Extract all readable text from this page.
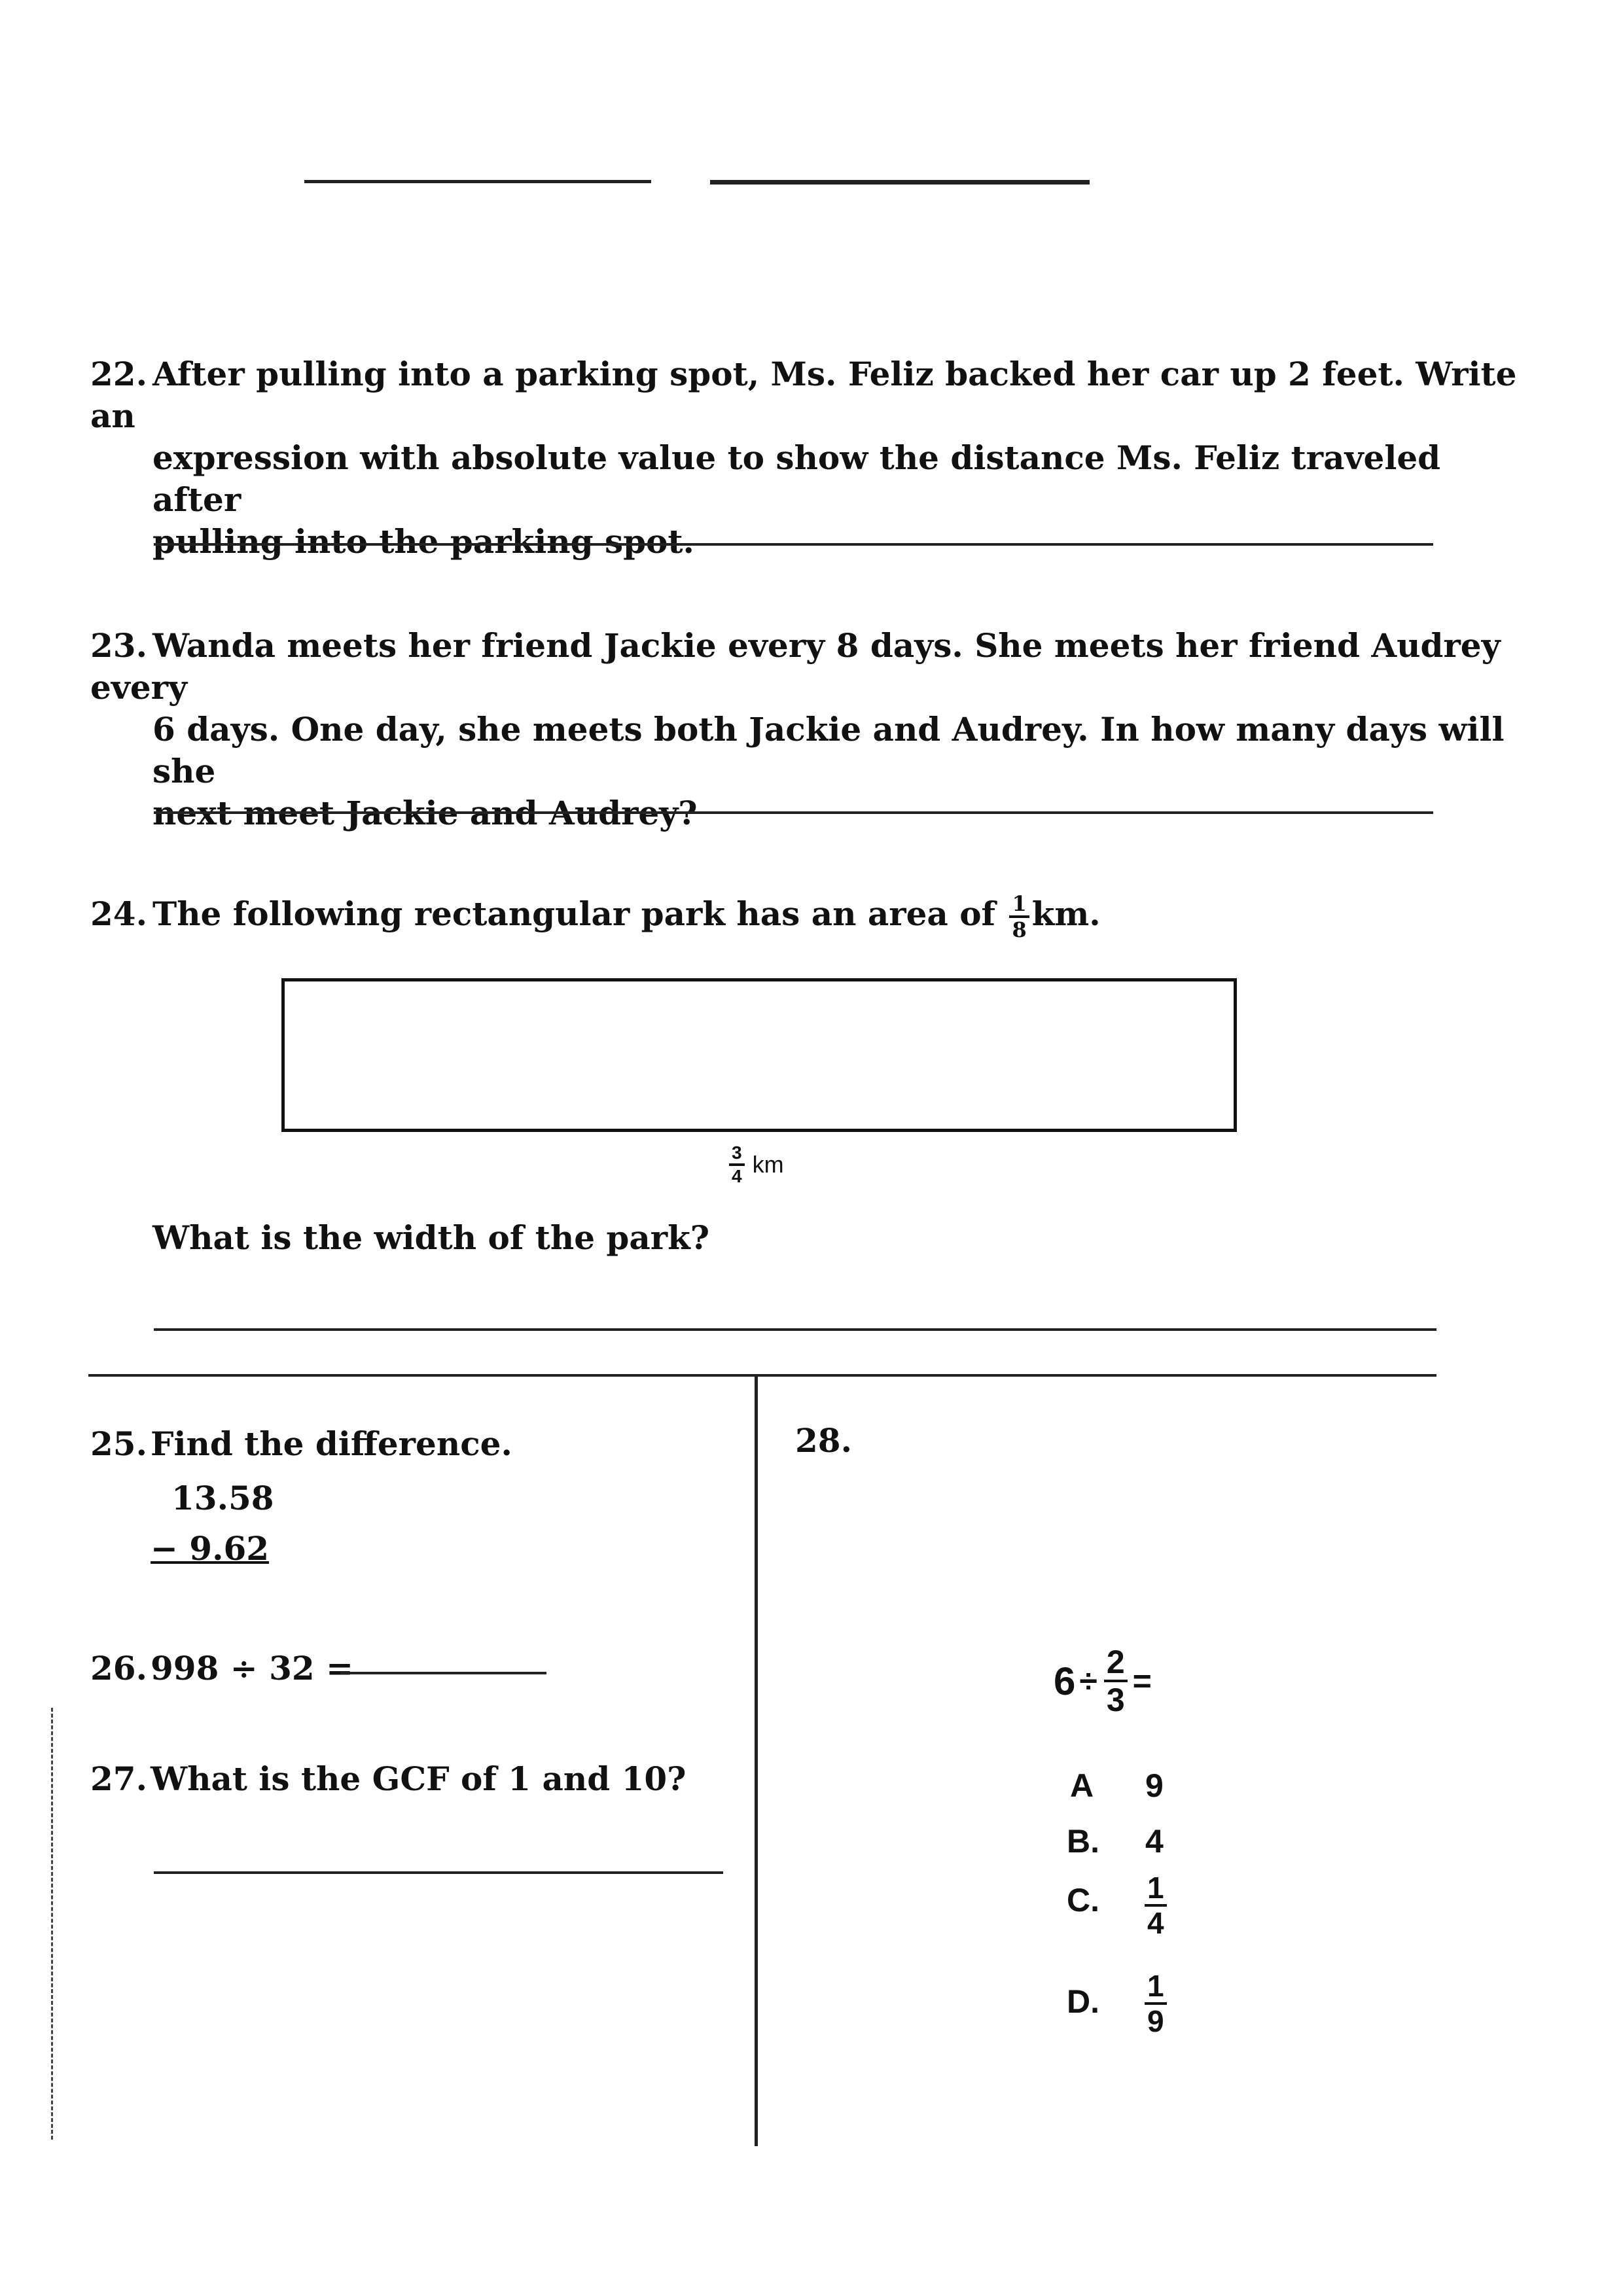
22. After pulling into a parking spot, Ms. Feliz backed her car up 2 feet. Write an
expression with absolute value to show the distance Ms. Feliz traveled after
pulling into the parking spot.
23. Wanda meets her friend Jackie every 8 days. She meets her friend Audrey every
6 days. One day, she meets both Jackie and Audrey. In how many days will she
next meet Jackie and Audrey?
24. The following rectangular park has an area of $\frac{1}{8}$ km.
$\frac{3}{4}$ km
What is the width of the park?
25. Find the difference.
13.58
− 9.62
26. 998 ÷ 32 =
27. What is the GCF of 1 and 10?
28.
$6 \div \frac{2}{3}$ =
A 9
B. 4
C. $\frac{1}{4}$
D. $\frac{1}{9}$
